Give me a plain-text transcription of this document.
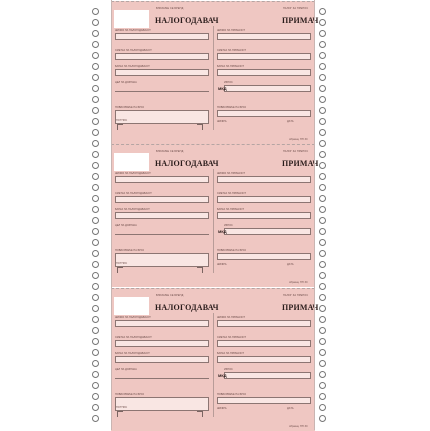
ВЛИЗАЊЕ СЕ БРЕНД	НАЛОГ ЗА ПРЕНОС
НАЛОГОДАВАЧ	ПРИМАЧ
ШИФРА НА НАЛОГОДАВАЧОТ
СМЕТКА НА НАЛОГОДАВАЧОТ
БАНКА НА НАЛОГОДАВАЧОТ
ЦЕЛ НА ДОЗНАКА
ПОВИКУВАЊЕ НА БРОЈ
ШИФРА НА ПРИМАЧОТ
СМЕТКА НА ПРИМАЧОТ
БАНКА НА ПРИМАЧОТ
ИЗНОС
ПОВИКУВАЊЕ НА БРОЈ
МКД
ПОТПИС	ШИФРА	ДАТА
образец ПП 30
ВЛИЗАЊЕ СЕ БРЕНД	НАЛОГ ЗА ПРЕНОС
НАЛОГОДАВАЧ	ПРИМАЧ
ШИФРА НА НАЛОГОДАВАЧОТ
СМЕТКА НА НАЛОГОДАВАЧОТ
БАНКА НА НАЛОГОДАВАЧОТ
ЦЕЛ НА ДОЗНАКА
ПОВИКУВАЊЕ НА БРОЈ
ШИФРА НА ПРИМАЧОТ
СМЕТКА НА ПРИМАЧОТ
БАНКА НА ПРИМАЧОТ
ИЗНОС
ПОВИКУВАЊЕ НА БРОЈ
МКД
ПОТПИС	ШИФРА	ДАТА
образец ПП 30
ВЛИЗАЊЕ СЕ БРЕНД	НАЛОГ ЗА ПРЕНОС
НАЛОГОДАВАЧ	ПРИМАЧ
ШИФРА НА НАЛОГОДАВАЧОТ
СМЕТКА НА НАЛОГОДАВАЧОТ
БАНКА НА НАЛОГОДАВАЧОТ
ЦЕЛ НА ДОЗНАКА
ПОВИКУВАЊЕ НА БРОЈ
ШИФРА НА ПРИМАЧОТ
СМЕТКА НА ПРИМАЧОТ
БАНКА НА ПРИМАЧОТ
ИЗНОС
ПОВИКУВАЊЕ НА БРОЈ
МКД
ПОТПИС	ШИФРА	ДАТА
образец ПП 30
